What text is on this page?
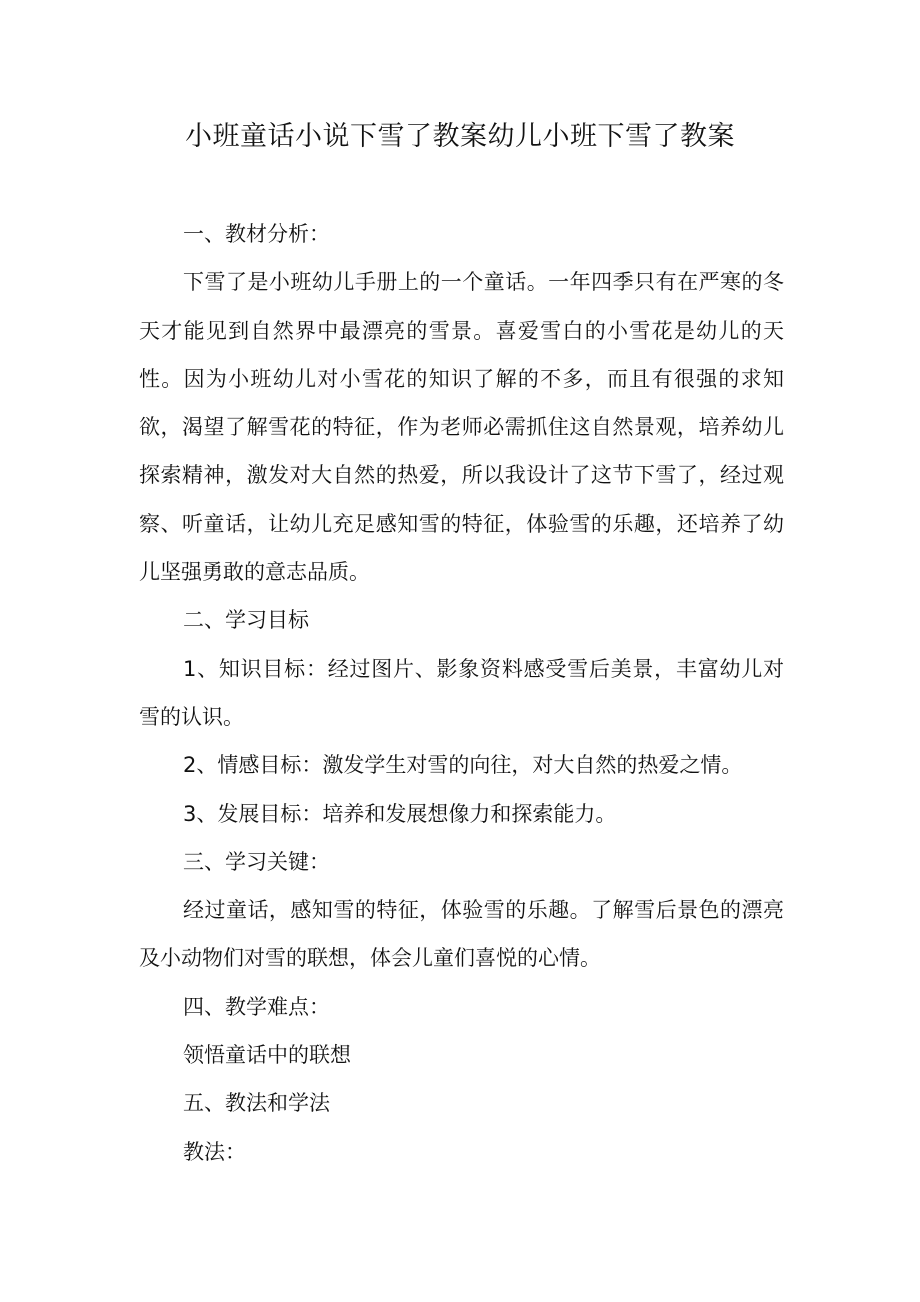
小班童话小说下雪了教案幼儿小班下雪了教案

一、教材分析：

下雪了是小班幼儿手册上的一个童话。一年四季只有在严寒的冬天才能见到自然界中最漂亮的雪景。喜爱雪白的小雪花是幼儿的天性。因为小班幼儿对小雪花的知识了解的不多，而且有很强的求知欲，渴望了解雪花的特征，作为老师必需抓住这自然景观，培养幼儿探索精神，激发对大自然的热爱，所以我设计了这节下雪了，经过观察、听童话，让幼儿充足感知雪的特征，体验雪的乐趣，还培养了幼儿坚强勇敢的意志品质。

二、学习目标

1、知识目标：经过图片、影象资料感受雪后美景，丰富幼儿对雪的认识。

2、情感目标：激发学生对雪的向往，对大自然的热爱之情。

3、发展目标：培养和发展想像力和探索能力。

三、学习关键：

经过童话，感知雪的特征，体验雪的乐趣。了解雪后景色的漂亮及小动物们对雪的联想，体会儿童们喜悦的心情。

四、教学难点：

领悟童话中的联想

五、教法和学法

教法：
